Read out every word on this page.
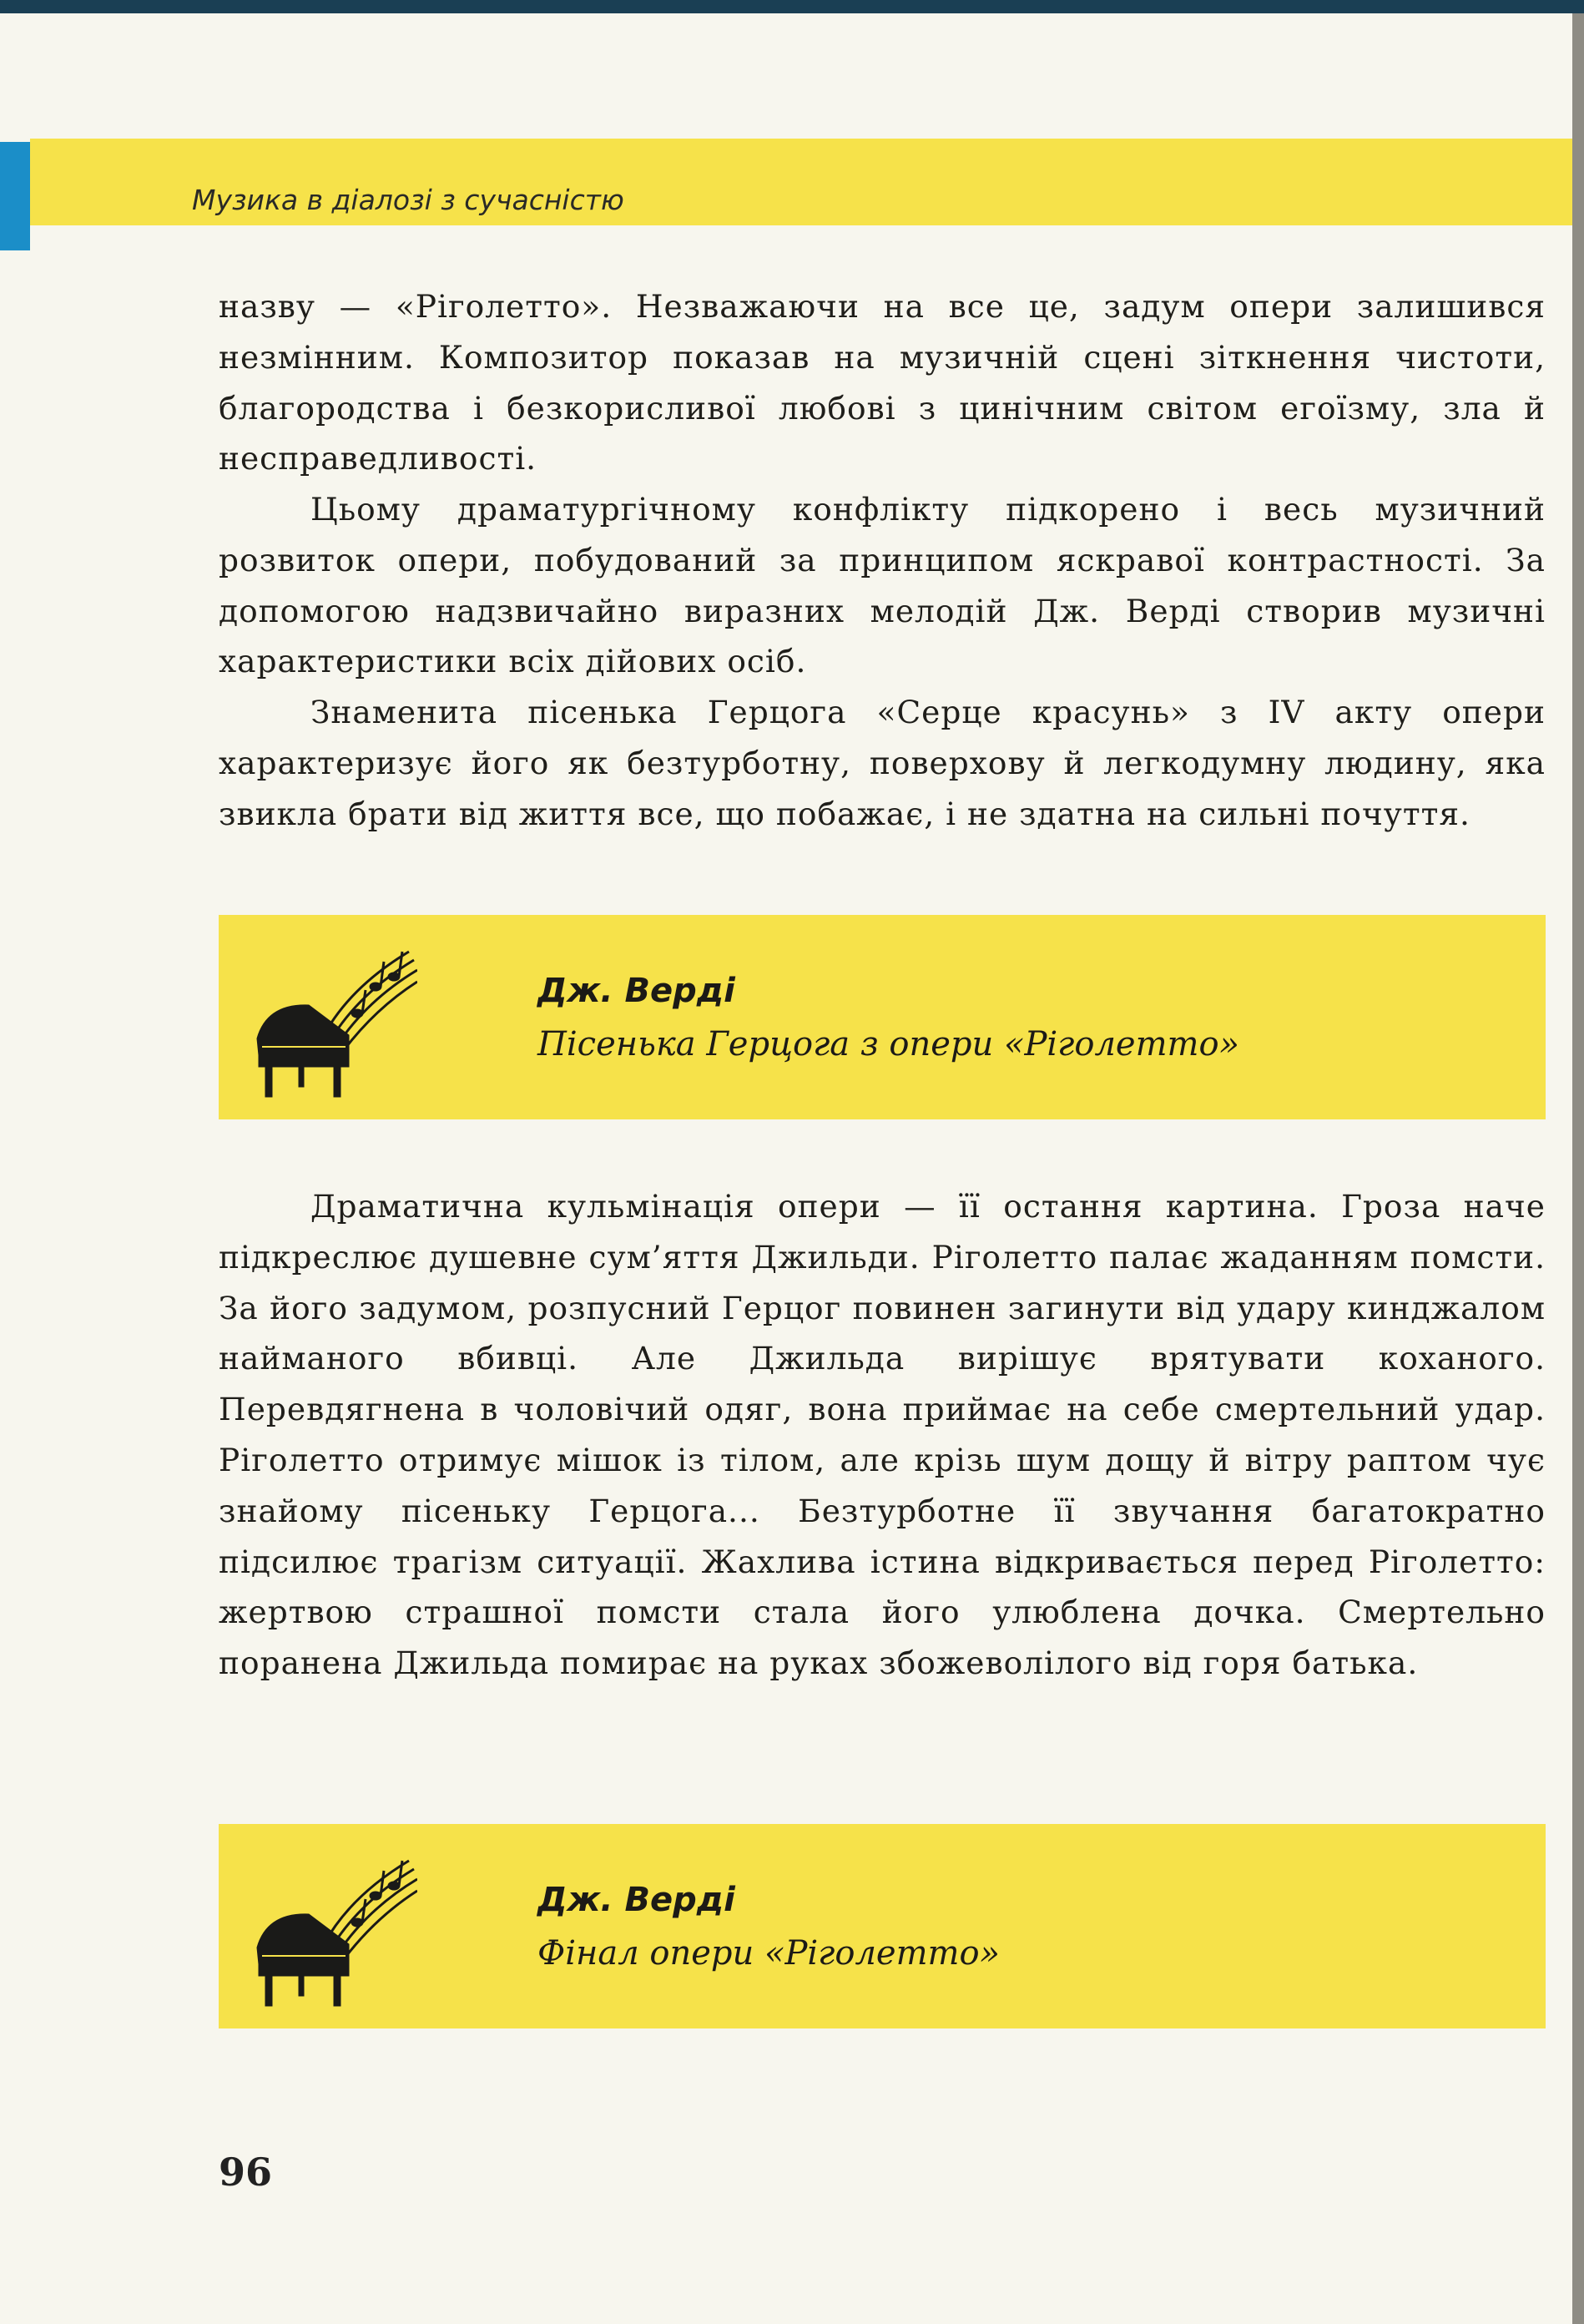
Музика в діалозі з сучасністю

назву — «Ріголетто». Незважаючи на все це, задум опери залишився незмінним. Композитор показав на музичній сцені зіткнення чистоти, благородства і безкорисливої любові з цинічним світом егоїзму, зла й несправедливості.

Цьому драматургічному конфлікту підкорено і весь музичний розвиток опери, побудований за принципом яскравої контрастності. За допомогою надзвичайно виразних мелодій Дж. Верді створив музичні характеристики всіх дійових осіб.

Знаменита пісенька Герцога «Серце красунь» з IV акту опери характеризує його як безтурботну, поверхову й легкодумну людину, яка звикла брати від життя все, що побажає, і не здатна на сильні почуття.

Дж. Верді

Пісенька Герцога з опери «Ріголетто»

Драматична кульмінація опери — її остання картина. Гроза наче підкреслює душевне сум’яття Джильди. Ріголетто палає жаданням помсти. За його задумом, розпусний Герцог повинен загинути від удару кинджалом найманого вбивці. Але Джильда вирішує врятувати коханого. Перевдягнена в чоловічий одяг, вона приймає на себе смертельний удар. Ріголетто отримує мішок із тілом, але крізь шум дощу й вітру раптом чує знайому пісеньку Герцога... Безтурботне її звучання багатократно підсилює трагізм ситуації. Жахлива істина відкривається перед Ріголетто: жертвою страшної помсти стала його улюблена дочка. Смертельно поранена Джильда помирає на руках збожеволілого від горя батька.

Дж. Верді

Фінал опери «Ріголетто»

96
